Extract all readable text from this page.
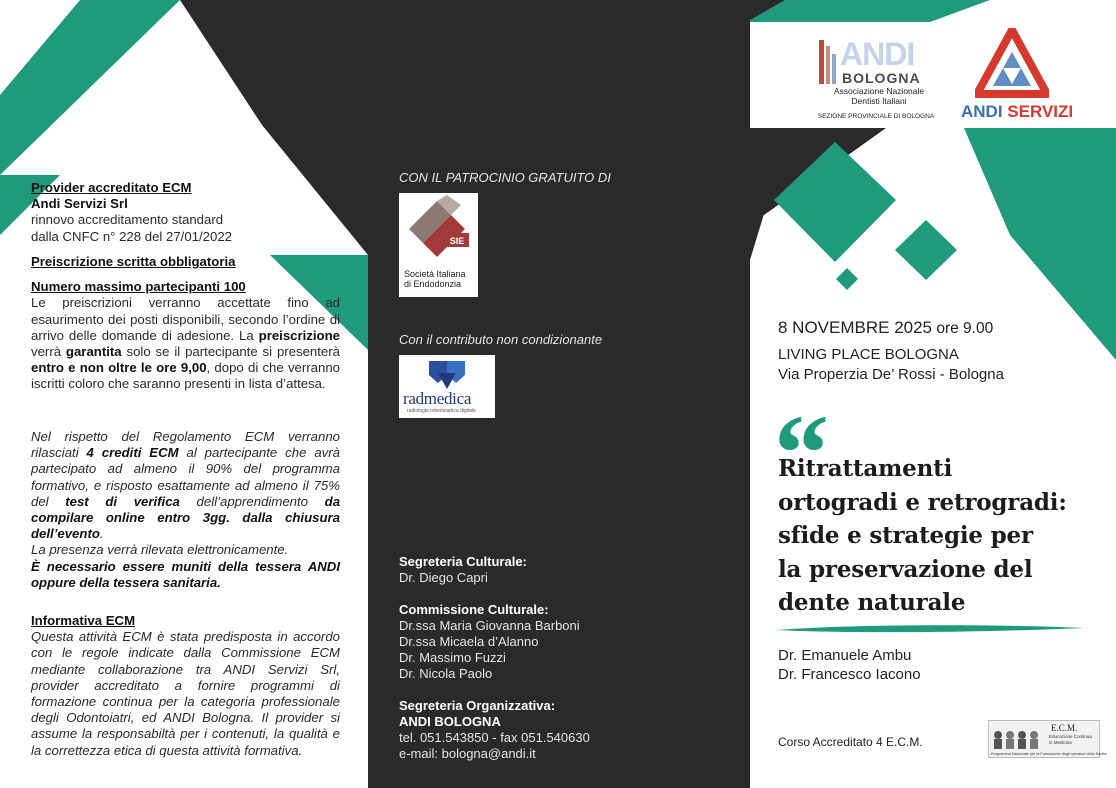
Provider accreditato ECM
Andi Servizi Srl
rinnovo accreditamento standard
dalla CNFC n° 228 del 27/01/2022
Preiscrizione scritta obbligatoria
Numero massimo partecipanti 100
Le preiscrizioni verranno accettate fino ad esaurimento dei posti disponibili, secondo l’ordine di arrivo delle domande di adesione. La preiscrizione verrà garantita solo se il partecipante si presenterà entro e non oltre le ore 9,00, dopo di che verranno iscritti coloro che saranno presenti in lista d’attesa.
Nel rispetto del Regolamento ECM verranno rilasciati 4 crediti ECM al partecipante che avrà partecipato ad almeno il 90% del programma formativo, e risposto esattamente ad almeno il 75% del test di verifica dell’apprendimento da compilare online entro 3gg. dalla chiusura dell’evento.
La presenza verrà rilevata elettronicamente.
È necessario essere muniti della tessera ANDI oppure della tessera sanitaria.
Informativa ECM
Questa attività ECM è stata predisposta in accordo con le regole indicate dalla Commissione ECM mediante collaborazione tra ANDI Servizi Srl, provider accreditato a fornire programmi di formazione continua per la categoria professionale degli Odontoiatri, ed ANDI Bologna. Il provider si assume la responsabiltà per i contenuti, la qualità e la correttezza etica di questa attività formativa.
CON IL PATROCINIO GRATUITO DI
SIE
Società Italiana
di Endodonzia
Con il contributo non condizionante
radmedica
radiologia odontoiatrica digitale
Segreteria Culturale:
Dr. Diego Capri
Commissione Culturale:
Dr.ssa Maria Giovanna Barboni
Dr.ssa Micaela d’Alanno
Dr. Massimo Fuzzi
Dr. Nicola Paolo
Segreteria Organizzativa:
ANDI BOLOGNA
tel. 051.543850 - fax 051.540630
e-mail: bologna@andi.it
ANDI
BOLOGNA
Associazione Nazionale
Dentisti Italiani
SEZIONE PROVINCIALE DI BOLOGNA ANDI SERVIZI
8 NOVEMBRE 2025 ore 9.00
LIVING PLACE BOLOGNA
Via Properzia De’ Rossi - Bologna
“
Ritrattamenti
ortogradi e retrogradi:
sfide e strategie per
la preservazione del
dente naturale
Dr. Emanuele Ambu
Dr. Francesco Iacono
Corso Accreditato 4 E.C.M.
E.C.M.
Educazione Continua
in Medicina
Programma Nazionale per la Formazione degli operatori della Sanità
